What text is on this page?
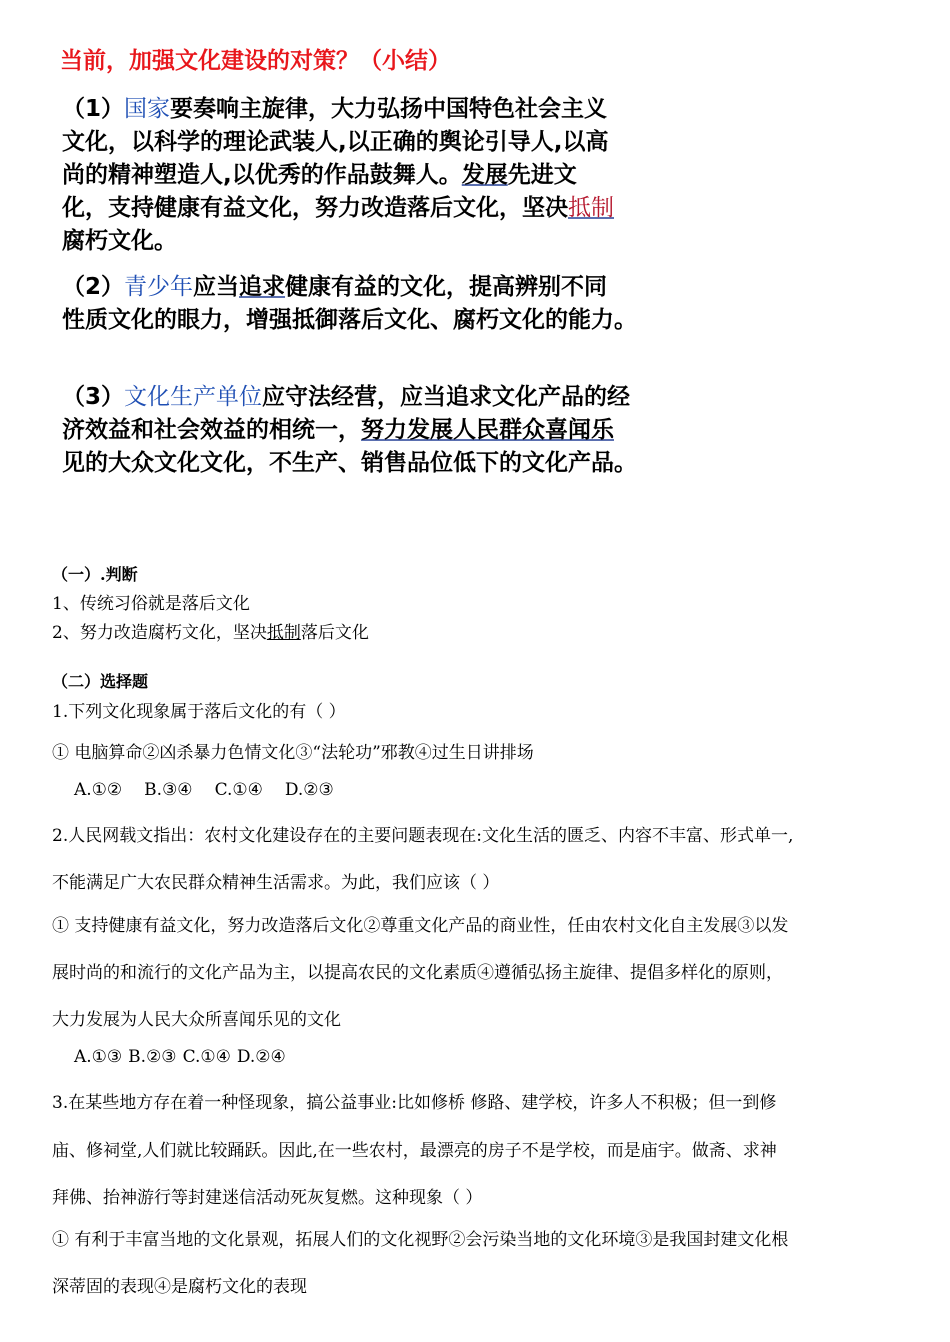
当前，加强文化建设的对策？（小结）
（1）国家要奏响主旋律，大力弘扬中国特色社会主义
文化，以科学的理论武装人,以正确的舆论引导人,以高
尚的精神塑造人,以优秀的作品鼓舞人。发展先进文
化，支持健康有益文化，努力改造落后文化，坚决抵制
腐朽文化。
（2）青少年应当追求健康有益的文化，提高辨别不同
性质文化的眼力，增强抵御落后文化、腐朽文化的能力。
（3）文化生产单位应守法经营，应当追求文化产品的经
济效益和社会效益的相统一，努力发展人民群众喜闻乐
见的大众文化文化，不生产、销售品位低下的文化产品。
（一）.判断
1、传统习俗就是落后文化
2、努力改造腐朽文化，坚决抵制落后文化
（二）选择题
1.下列文化现象属于落后文化的有（ ）
① 电脑算命②凶杀暴力色情文化③“法轮功”邪教④过生日讲排场
A.①② B.③④ C.①④ D.②③
2.人民网载文指出：农村文化建设存在的主要问题表现在:文化生活的匮乏、内容不丰富、形式单一,
不能满足广大农民群众精神生活需求。为此，我们应该（ ）
① 支持健康有益文化，努力改造落后文化②尊重文化产品的商业性，任由农村文化自主发展③以发
展时尚的和流行的文化产品为主，以提高农民的文化素质④遵循弘扬主旋律、提倡多样化的原则，
大力发展为人民大众所喜闻乐见的文化
A.①③ B.②③ C.①④ D.②④
3.在某些地方存在着一种怪现象，搞公益事业:比如修桥 修路、建学校，许多人不积极；但一到修
庙、修祠堂,人们就比较踊跃。因此,在一些农村，最漂亮的房子不是学校，而是庙宇。做斋、求神
拜佛、抬神游行等封建迷信活动死灰复燃。这种现象（ ）
① 有利于丰富当地的文化景观，拓展人们的文化视野②会污染当地的文化环境③是我国封建文化根
深蒂固的表现④是腐朽文化的表现
